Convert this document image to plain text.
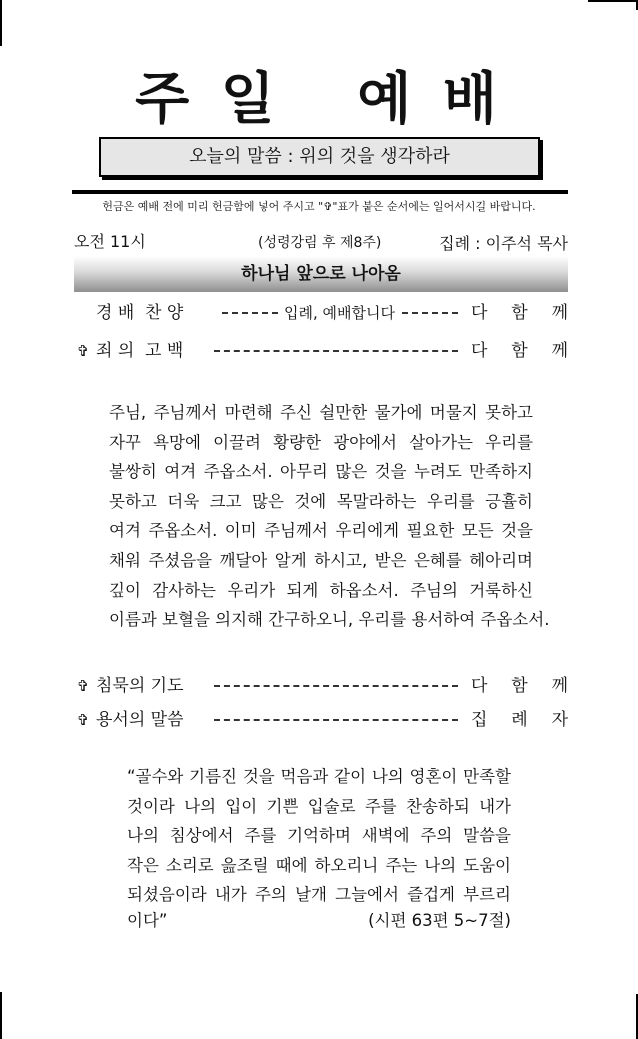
주 일   예 배
오늘의 말씀 : 위의 것을 생각하라
헌금은 예배 전에 미리 헌금함에 넣어 주시고 "✞"표가 붙은 순서에는 일어서시길 바랍니다.
오전 11시	(성령강림 후 제8주)	집례 : 이주석 목사
하나님 앞으로 나아옴
경 배  찬 양	입례, 예배합니다	다 함 께
✞ 죄 의  고 백	다 함 께
주님, 주님께서 마련해 주신 쉴만한 물가에 머물지 못하고
자꾸 욕망에 이끌려 황량한 광야에서 살아가는 우리를
불쌍히 여겨 주옵소서. 아무리 많은 것을 누려도 만족하지
못하고 더욱 크고 많은 것에 목말라하는 우리를 긍휼히
여겨 주옵소서. 이미 주님께서 우리에게 필요한 모든 것을
채워 주셨음을 깨달아 알게 하시고, 받은 은혜를 헤아리며
깊이 감사하는 우리가 되게 하옵소서. 주님의 거룩하신
이름과 보혈을 의지해 간구하오니, 우리를 용서하여 주옵소서.
✞ 침묵의 기도	다 함 께
✞ 용서의 말씀	집 례 자
“골수와 기름진 것을 먹음과 같이 나의 영혼이 만족할
것이라 나의 입이 기쁜 입술로 주를 찬송하되 내가
나의 침상에서 주를 기억하며 새벽에 주의 말씀을
작은 소리로 읊조릴 때에 하오리니 주는 나의 도움이
되셨음이라 내가 주의 날개 그늘에서 즐겁게 부르리
이다”	(시편 63편 5~7절)
